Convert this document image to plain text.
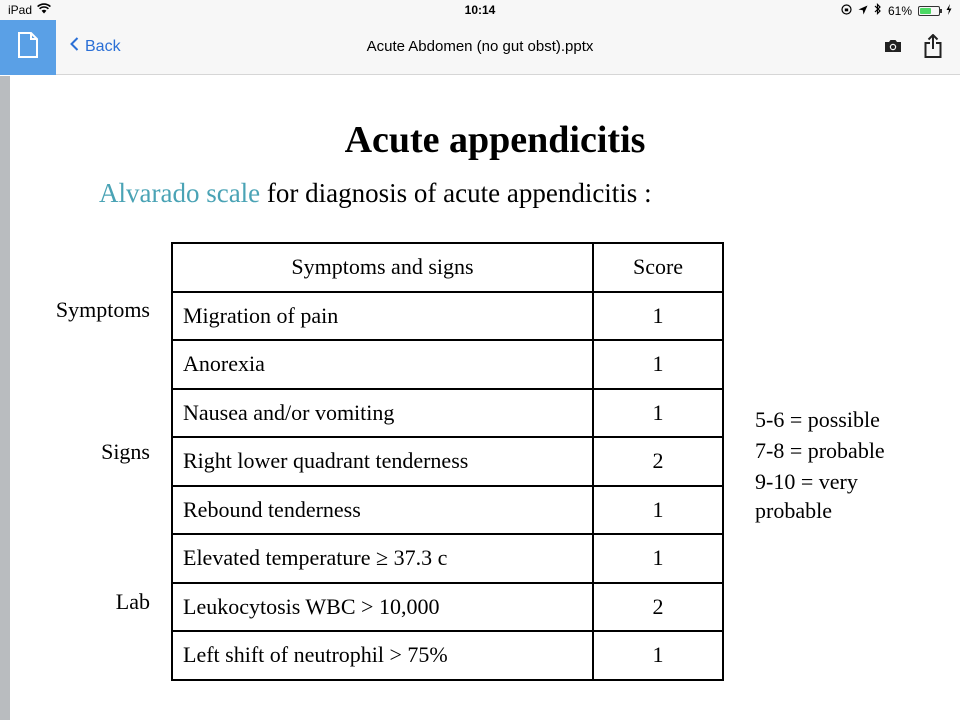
iPad	10:14	61%
Back	Acute Abdomen (no gut obst).pptx
Acute appendicitis
Alvarado scale for diagnosis of acute appendicitis :
Symptoms
Signs
Lab
Symptoms and signs	Score
Migration of pain	1
Anorexia	1
Nausea and/or vomiting	1
Right lower quadrant tenderness	2
Rebound tenderness	1
Elevated temperature ≥ 37.3 c	1
Leukocytosis WBC > 10,000	2
Left shift of neutrophil > 75%	1
5-6 = possible
7-8 = probable
9-10 = very probable
